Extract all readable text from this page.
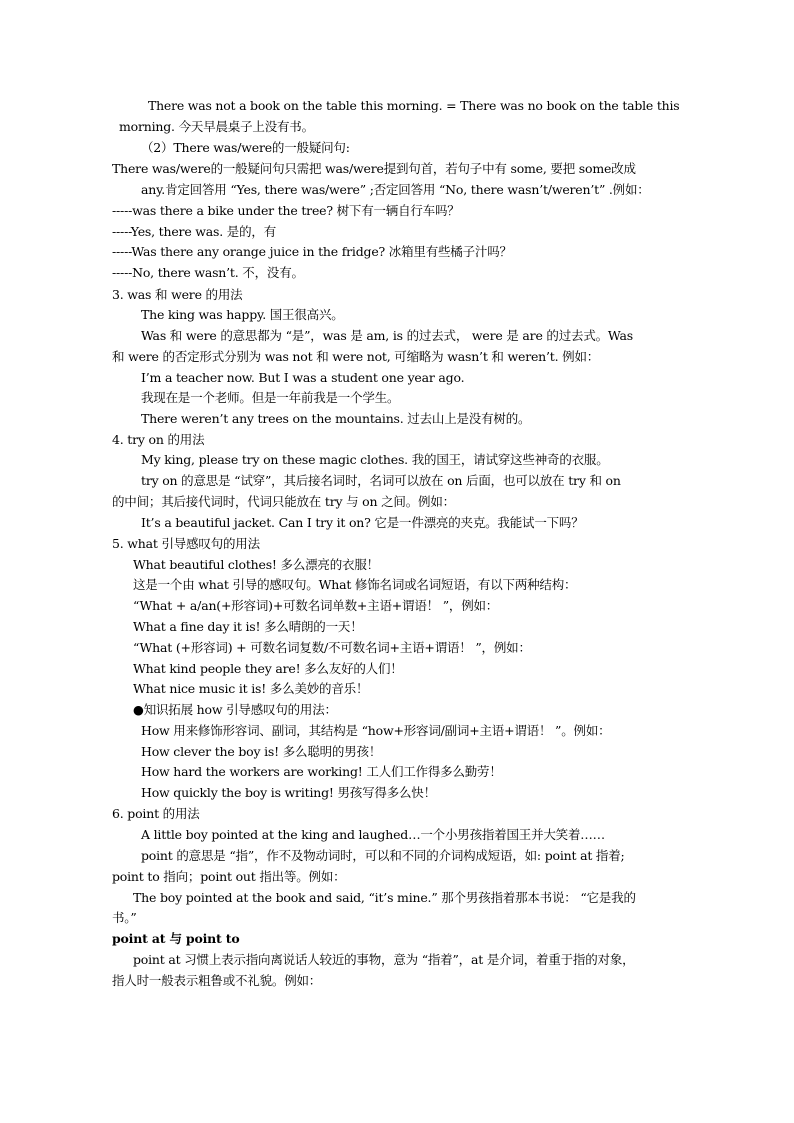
There was not a book on the table this morning. = There was no book on the table this
morning. 今天早晨桌子上没有书。
（2）There was/were的一般疑问句:
There was/were的一般疑问句只需把 was/were提到句首，若句子中有 some, 要把 some改成
any.肯定回答用 “Yes, there was/were” ;否定回答用 “No, there wasn’t/weren’t” .例如：
-----was there a bike under the tree? 树下有一辆自行车吗？
-----Yes, there was. 是的，有
-----Was there any orange juice in the fridge? 冰箱里有些橘子汁吗？
-----No, there wasn’t. 不，没有。
3. was 和 were 的用法
The king was happy. 国王很高兴。
Was 和 were 的意思都为 “是”，was 是 am, is 的过去式， were 是 are 的过去式。Was
和 were 的否定形式分别为 was not 和 were not, 可缩略为 wasn’t 和 weren’t. 例如：
I’m a teacher now. But I was a student one year ago.
我现在是一个老师。但是一年前我是一个学生。
There weren’t any trees on the mountains. 过去山上是没有树的。
4. try on 的用法
My king, please try on these magic clothes. 我的国王，请试穿这些神奇的衣服。
try on 的意思是 “试穿”，其后接名词时，名词可以放在 on 后面，也可以放在 try 和 on
的中间；其后接代词时，代词只能放在 try 与 on 之间。例如：
It’s a beautiful jacket. Can I try it on? 它是一件漂亮的夹克。我能试一下吗？
5. what 引导感叹句的用法
What beautiful clothes! 多么漂亮的衣服！
这是一个由 what 引导的感叹句。What 修饰名词或名词短语，有以下两种结构：
“What + a/an(+形容词)+可数名词单数+主语+谓语！ ”，例如：
What a fine day it is! 多么晴朗的一天！
“What (+形容词) + 可数名词复数/不可数名词+主语+谓语！ ”，例如：
What kind people they are! 多么友好的人们！
What nice music it is! 多么美妙的音乐！
●知识拓展 how 引导感叹句的用法：
How 用来修饰形容词、副词，其结构是 “how+形容词/副词+主语+谓语！ ”。例如：
How clever the boy is! 多么聪明的男孩！
How hard the workers are working! 工人们工作得多么勤劳！
How quickly the boy is writing! 男孩写得多么快！
6. point 的用法
A little boy pointed at the king and laughed…一个小男孩指着国王并大笑着……
point 的意思是 “指”，作不及物动词时，可以和不同的介词构成短语，如: point at 指着;
point to 指向；point out 指出等。例如：
The boy pointed at the book and said, “it’s mine.” 那个男孩指着那本书说： “它是我的
书。”
point at 与 point to
point at 习惯上表示指向离说话人较近的事物，意为 “指着”，at 是介词，着重于指的对象，
指人时一般表示粗鲁或不礼貌。例如：
